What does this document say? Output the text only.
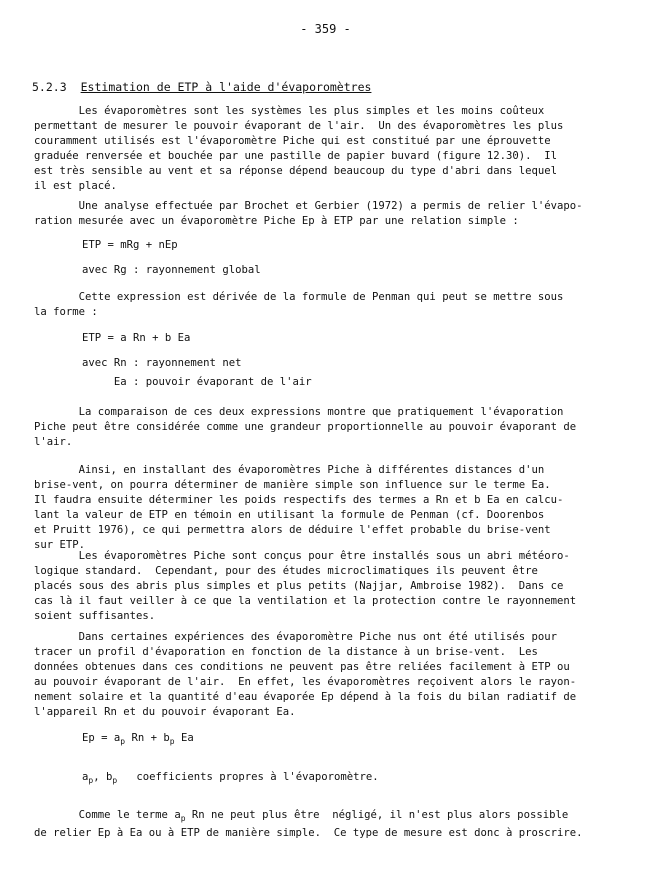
- 359 -
5.2.3 Estimation de ETP à l'aide d'évaporomètres
Les évaporomètres sont les systèmes les plus simples et les moins coûteux
permettant de mesurer le pouvoir évaporant de l'air.  Un des évaporomètres les plus
couramment utilisés est l'évaporomètre Piche qui est constitué par une éprouvette
graduée renversée et bouchée par une pastille de papier buvard (figure 12.30).  Il
est très sensible au vent et sa réponse dépend beaucoup du type d'abri dans lequel
il est placé.
Une analyse effectuée par Brochet et Gerbier (1972) a permis de relier l'évapo-
ration mesurée avec un évaporomètre Piche Ep à ETP par une relation simple :
ETP = mRg + nEp
avec Rg : rayonnement global
Cette expression est dérivée de la formule de Penman qui peut se mettre sous
la forme :
ETP = a Rn + b Ea
avec Rn : rayonnement net
Ea : pouvoir évaporant de l'air
La comparaison de ces deux expressions montre que pratiquement l'évaporation
Piche peut être considérée comme une grandeur proportionnelle au pouvoir évaporant de
l'air.
Ainsi, en installant des évaporomètres Piche à différentes distances d'un
brise-vent, on pourra déterminer de manière simple son influence sur le terme Ea.
Il faudra ensuite déterminer les poids respectifs des termes a Rn et b Ea en calcu-
lant la valeur de ETP en témoin en utilisant la formule de Penman (cf. Doorenbos
et Pruitt 1976), ce qui permettra alors de déduire l'effet probable du brise-vent
sur ETP.
Les évaporomètres Piche sont conçus pour être installés sous un abri météoro-
logique standard.  Cependant, pour des études microclimatiques ils peuvent être
placés sous des abris plus simples et plus petits (Najjar, Ambroise 1982).  Dans ce
cas là il faut veiller à ce que la ventilation et la protection contre le rayonnement
soient suffisantes.
Dans certaines expériences des évaporomètre Piche nus ont été utilisés pour
tracer un profil d'évaporation en fonction de la distance à un brise-vent.  Les
données obtenues dans ces conditions ne peuvent pas être reliées facilement à ETP ou
au pouvoir évaporant de l'air.  En effet, les évaporomètres reçoivent alors le rayon-
nement solaire et la quantité d'eau évaporée Ep dépend à la fois du bilan radiatif de
l'appareil Rn et du pouvoir évaporant Ea.
$Ep = a_p$ $Rn + b_p$ Ea
$a_p$, $b_p$   coefficients propres à l'évaporomètre.
Comme le terme $a_p$ Rn ne peut plus être  négligé, il n'est plus alors possible
de relier Ep à Ea ou à ETP de manière simple.  Ce type de mesure est donc à proscrire.
